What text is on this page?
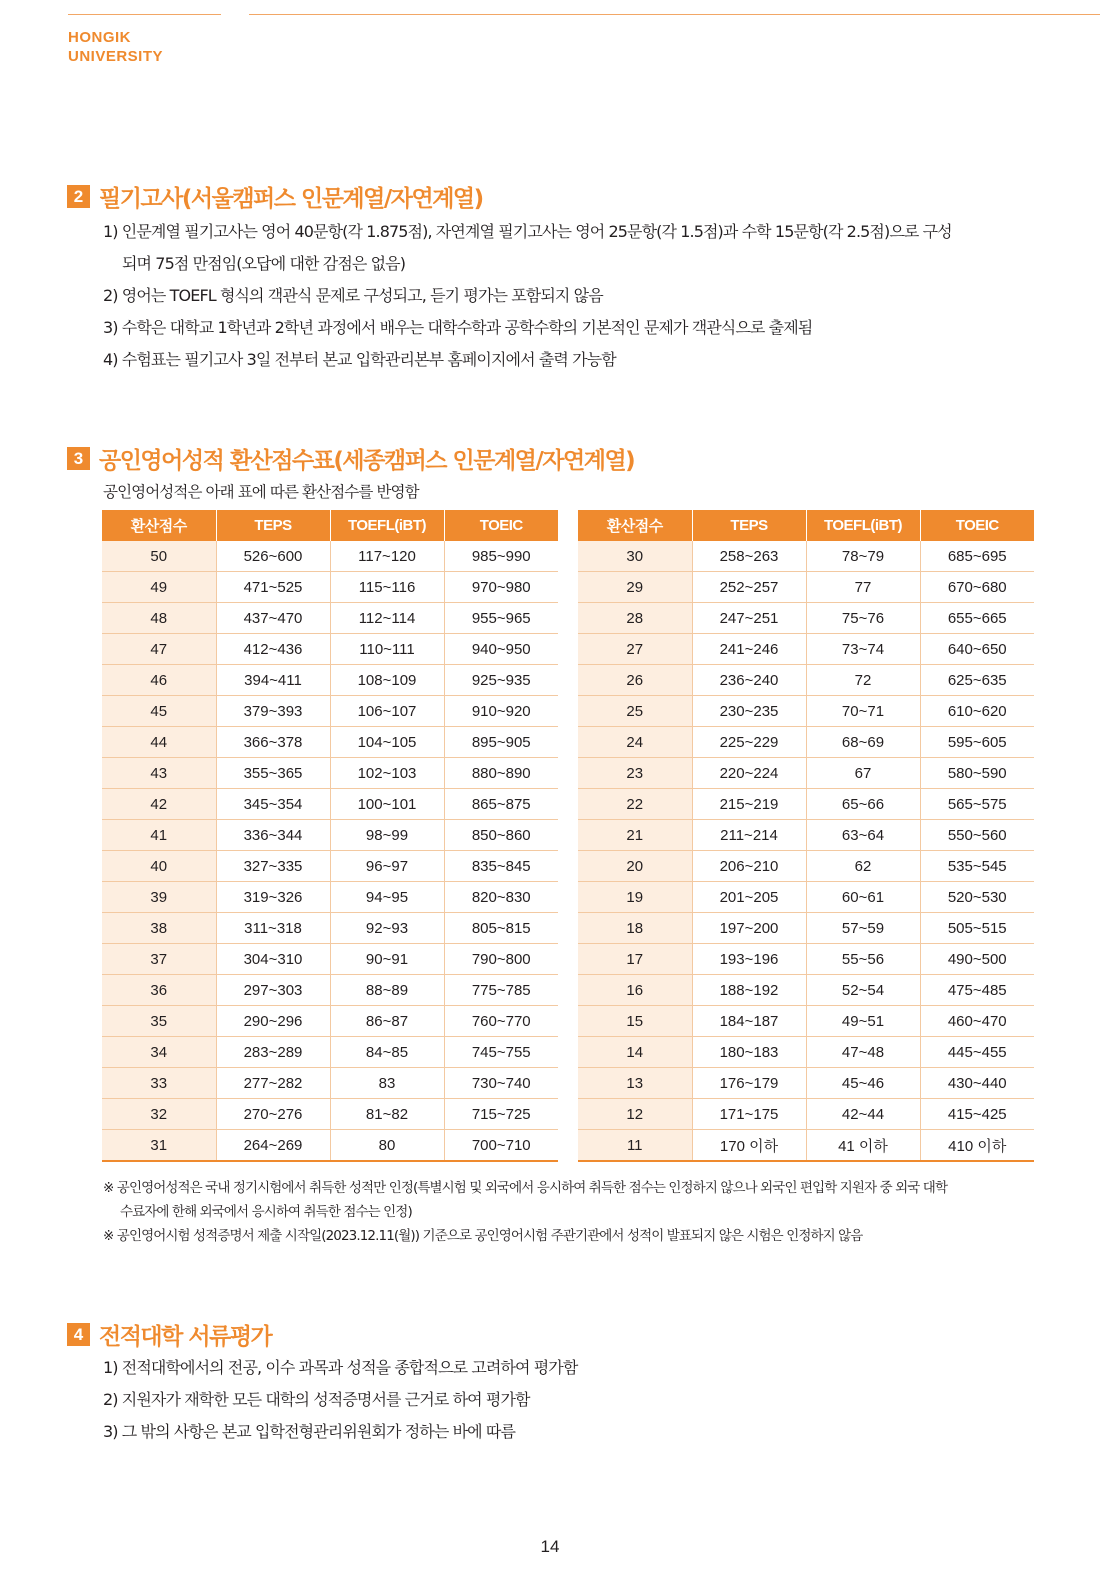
HONGIK
UNIVERSITY
2 필기고사(서울캠퍼스 인문계열/자연계열)
1) 인문계열 필기고사는 영어 40문항(각 1.875점), 자연계열 필기고사는 영어 25문항(각 1.5점)과 수학 15문항(각 2.5점)으로 구성
되며 75점 만점임(오답에 대한 감점은 없음)
2) 영어는 TOEFL 형식의 객관식 문제로 구성되고, 듣기 평가는 포함되지 않음
3) 수학은 대학교 1학년과 2학년 과정에서 배우는 대학수학과 공학수학의 기본적인 문제가 객관식으로 출제됨
4) 수험표는 필기고사 3일 전부터 본교 입학관리본부 홈페이지에서 출력 가능함
3 공인영어성적 환산점수표(세종캠퍼스 인문계열/자연계열)
공인영어성적은 아래 표에 따른 환산점수를 반영함
환산점수	TEPS	TOEFL(iBT)	TOEIC
50	526~600	117~120	985~990
49	471~525	115~116	970~980
48	437~470	112~114	955~965
47	412~436	110~111	940~950
46	394~411	108~109	925~935
45	379~393	106~107	910~920
44	366~378	104~105	895~905
43	355~365	102~103	880~890
42	345~354	100~101	865~875
41	336~344	98~99	850~860
40	327~335	96~97	835~845
39	319~326	94~95	820~830
38	311~318	92~93	805~815
37	304~310	90~91	790~800
36	297~303	88~89	775~785
35	290~296	86~87	760~770
34	283~289	84~85	745~755
33	277~282	83	730~740
32	270~276	81~82	715~725
31	264~269	80	700~710
환산점수	TEPS	TOEFL(iBT)	TOEIC
30	258~263	78~79	685~695
29	252~257	77	670~680
28	247~251	75~76	655~665
27	241~246	73~74	640~650
26	236~240	72	625~635
25	230~235	70~71	610~620
24	225~229	68~69	595~605
23	220~224	67	580~590
22	215~219	65~66	565~575
21	211~214	63~64	550~560
20	206~210	62	535~545
19	201~205	60~61	520~530
18	197~200	57~59	505~515
17	193~196	55~56	490~500
16	188~192	52~54	475~485
15	184~187	49~51	460~470
14	180~183	47~48	445~455
13	176~179	45~46	430~440
12	171~175	42~44	415~425
11	170 이하	41 이하	410 이하
※ 공인영어성적은 국내 정기시험에서 취득한 성적만 인정(특별시험 및 외국에서 응시하여 취득한 점수는 인정하지 않으나 외국인 편입학 지원자 중 외국 대학
수료자에 한해 외국에서 응시하여 취득한 점수는 인정)
※ 공인영어시험 성적증명서 제출 시작일(2023.12.11(월)) 기준으로 공인영어시험 주관기관에서 성적이 발표되지 않은 시험은 인정하지 않음
4 전적대학 서류평가
1) 전적대학에서의 전공, 이수 과목과 성적을 종합적으로 고려하여 평가함
2) 지원자가 재학한 모든 대학의 성적증명서를 근거로 하여 평가함
3) 그 밖의 사항은 본교 입학전형관리위원회가 정하는 바에 따름
14
